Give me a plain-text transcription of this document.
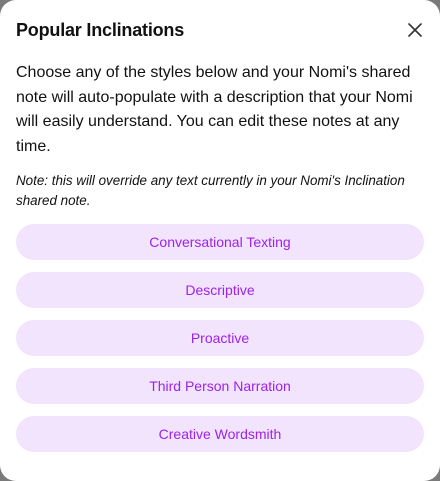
Popular Inclinations

Choose any of the styles below and your Nomi's shared note will auto-populate with a description that your Nomi will easily understand. You can edit these notes at any time.

Note: this will override any text currently in your Nomi's Inclination shared note.

Conversational Texting
Descriptive
Proactive
Third Person Narration
Creative Wordsmith
